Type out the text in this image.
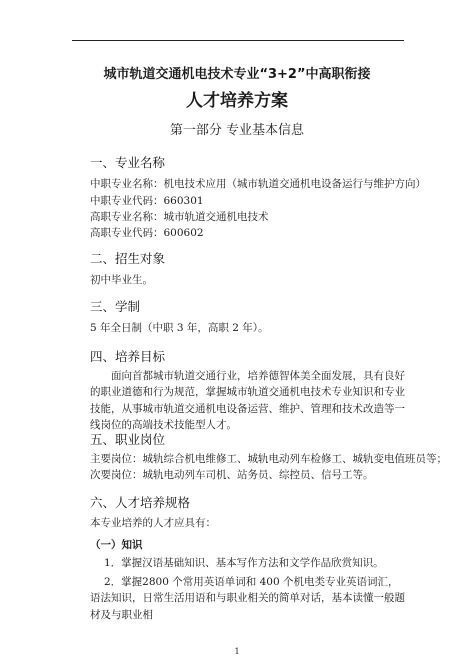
城市轨道交通机电技术专业“3+2”中高职衔接
人才培养方案
第一部分 专业基本信息
一、专业名称
中职专业名称：机电技术应用（城市轨道交通机电设备运行与维护方向）
中职专业代码：660301
高职专业名称：城市轨道交通机电技术
高职专业代码：600602
二、招生对象
初中毕业生。
三、学制
5 年全日制（中职 3 年，高职 2 年）。
四、培养目标
面向首都城市轨道交通行业，培养德智体美全面发展，具有良好的职业道德和行为规范，掌握城市轨道交通机电技术专业知识和专业技能，从事城市轨道交通机电设备运营、维护、管理和技术改造等一线岗位的高端技术技能型人才。
五、职业岗位
主要岗位：城轨综合机电维修工、城轨电动列车检修工、城轨变电值班员等；
次要岗位：城轨电动列车司机、站务员、综控员、信号工等。
六、人才培养规格
本专业培养的人才应具有：
（一）知识
1．掌握汉语基础知识、基本写作方法和文学作品欣赏知识。
2．掌握2800 个常用英语单词和 400 个机电类专业英语词汇，语法知识，日常生活用语和与职业相关的简单对话，基本读懂一般题材及与职业相
1
